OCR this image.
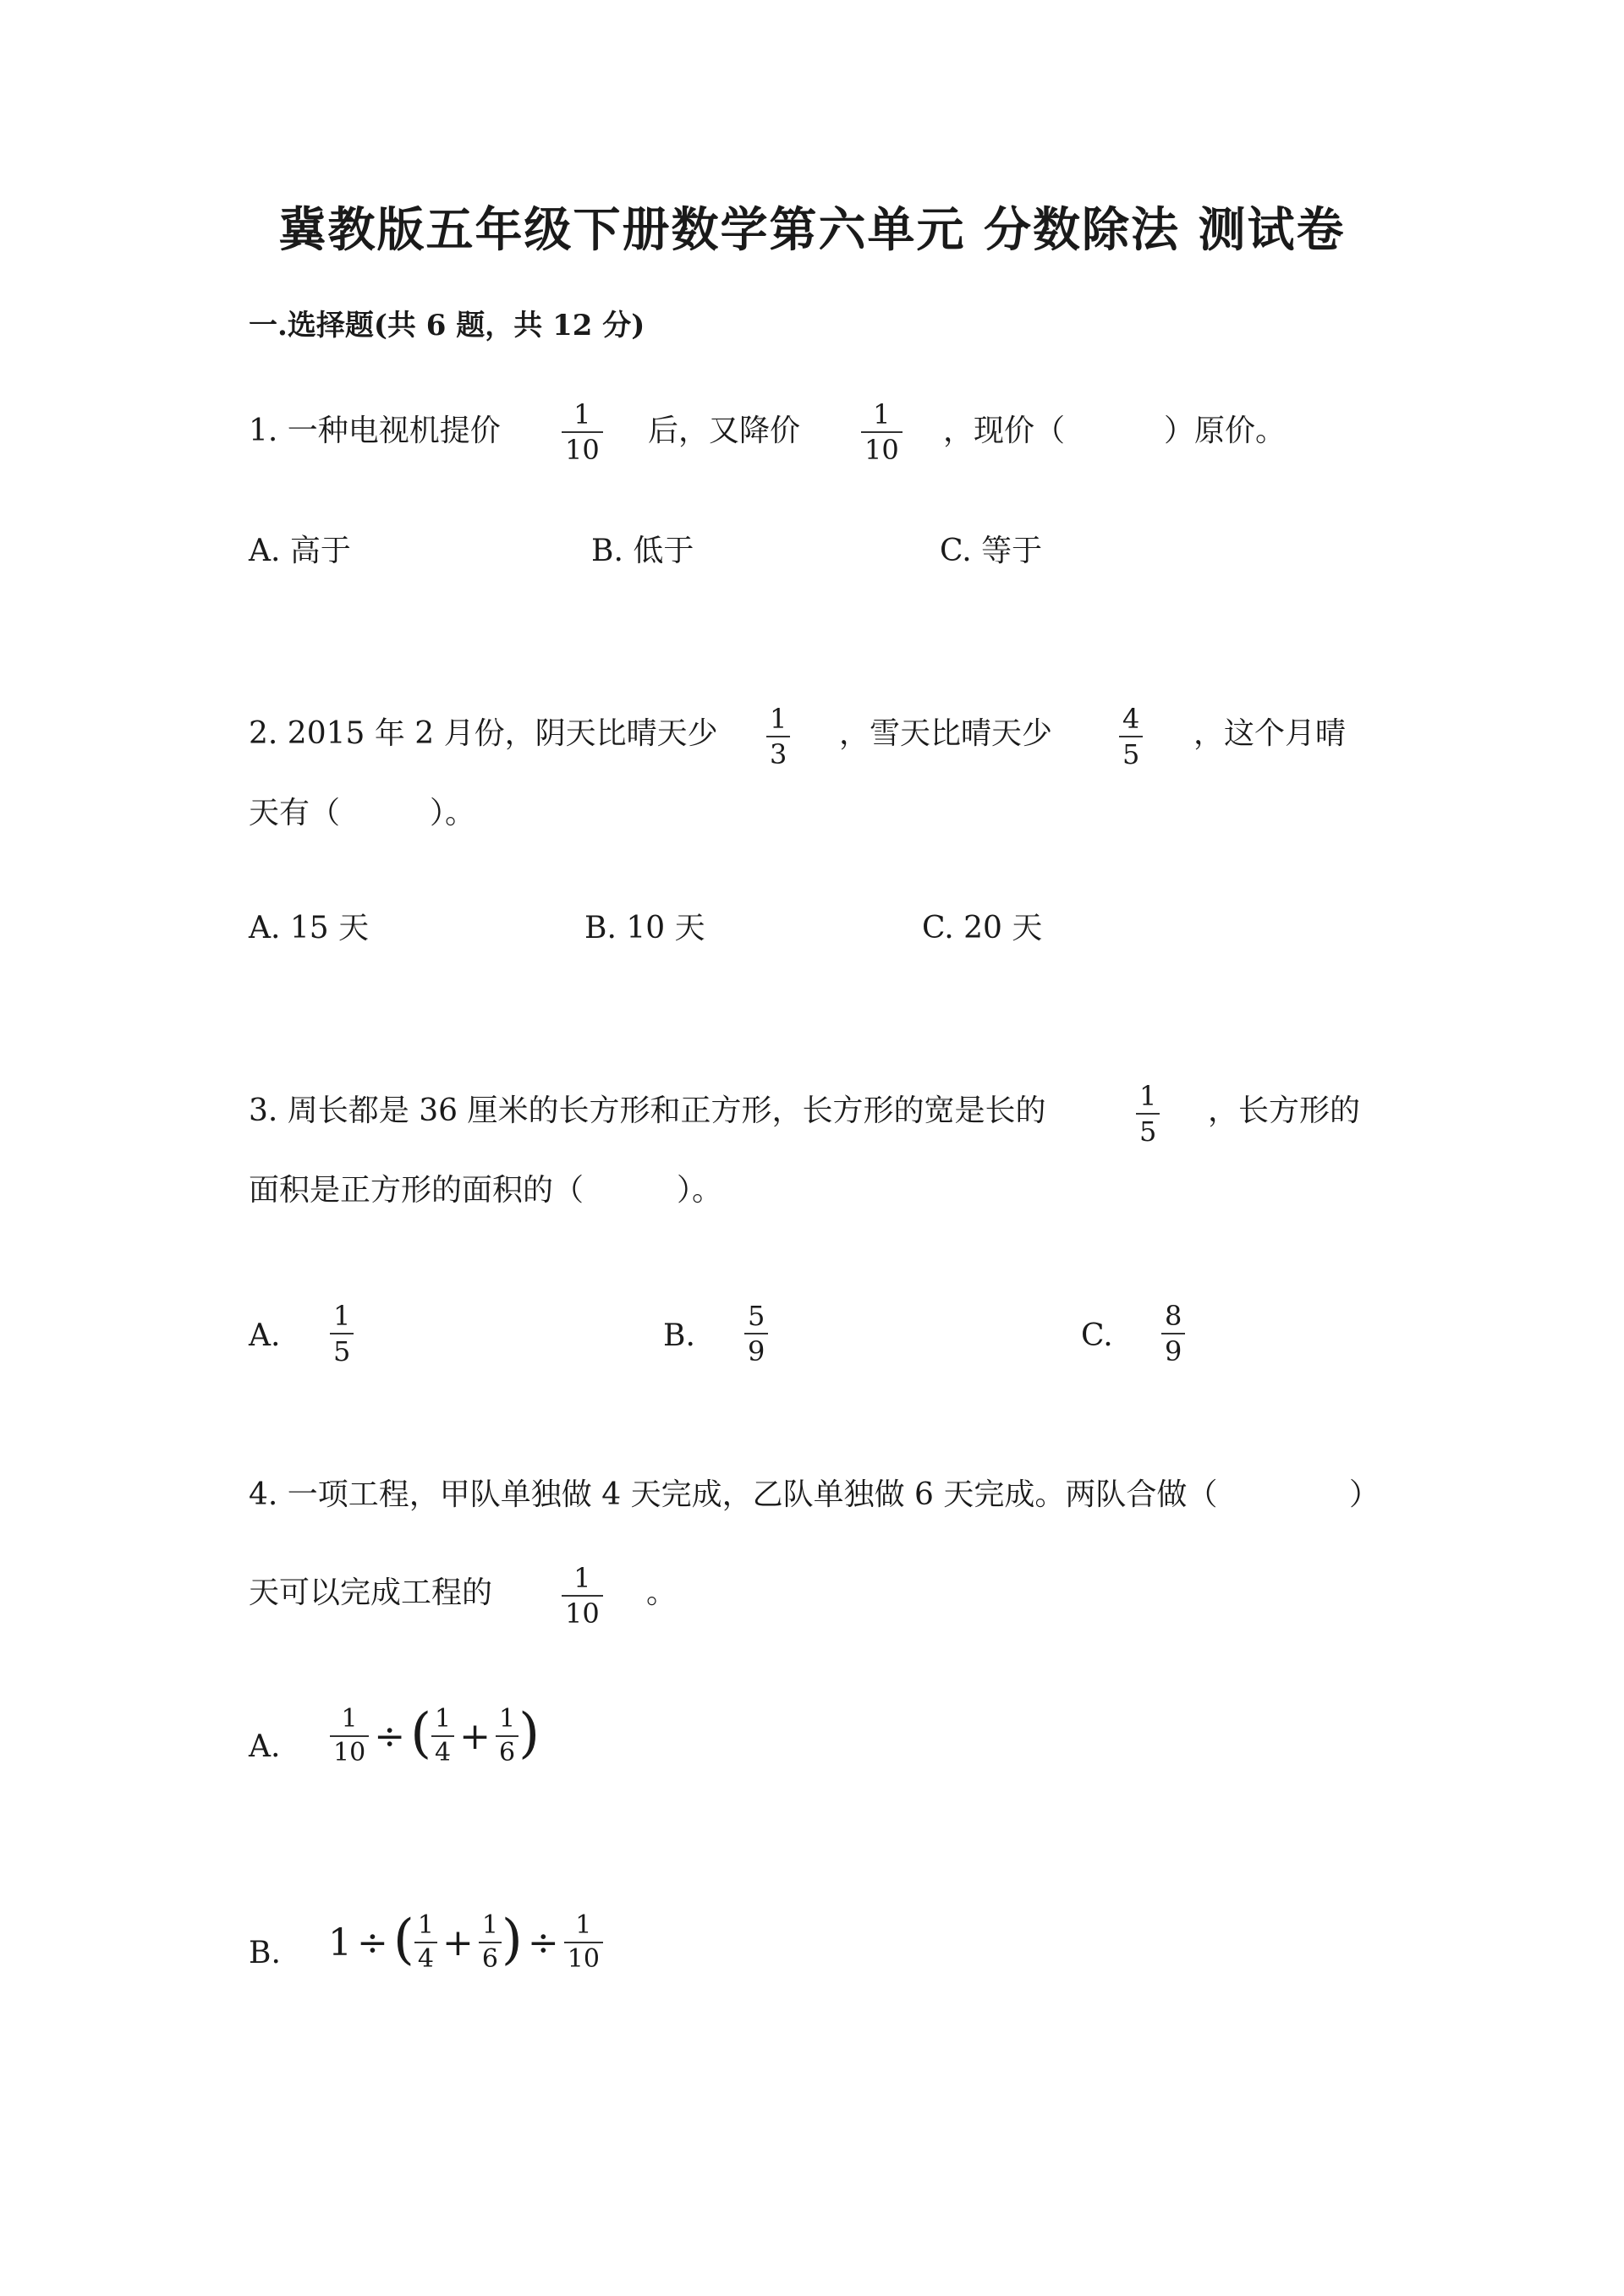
冀教版五年级下册数学第六单元 分数除法 测试卷
一.选择题(共 6 题，共 12 分)
1. 一种电视机提价 $\frac{1}{10}$ 后，又降价 $\frac{1}{10}$ ，现价（	）原价。
A. 高于	B. 低于	C. 等于
2. 2015 年 2 月份，阴天比晴天少 $\frac{1}{3}$ ，雪天比晴天少 $\frac{4}{5}$ ，这个月晴
天有（	）。
A. 15 天	B. 10 天	C. 20 天
3. 周长都是 36 厘米的长方形和正方形，长方形的宽是长的	$\frac{1}{5}$ ，长方形的
面积是正方形的面积的（	）。
A. $\frac{1}{5}$	B. $\frac{5}{9}$	C. $\frac{8}{9}$
4. 一项工程，甲队单独做 4 天完成，乙队单独做 6 天完成。两队合做（	）
天可以完成工程的	$\frac{1}{10}$ 。
A. $\frac{1}{10}$ ÷ ( $\frac{1}{4} + \frac{1}{6}$ )
B. 1 ÷ ( $\frac{1}{4} + \frac{1}{6}$ ) ÷ $\frac{1}{10}$
